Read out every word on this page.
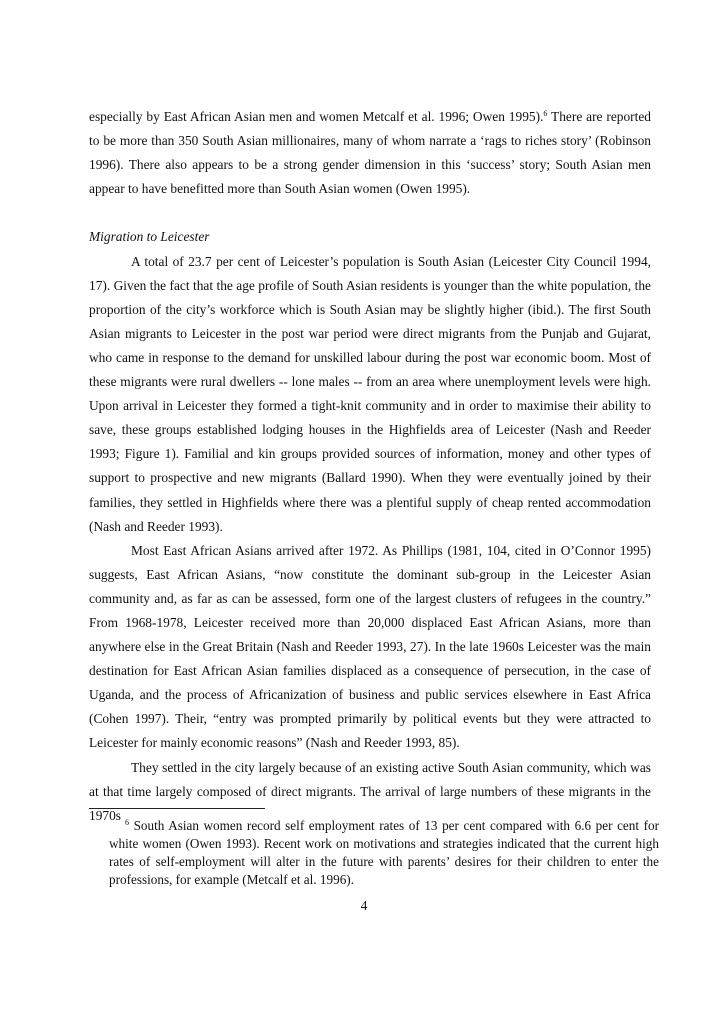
especially by East African Asian men and women Metcalf et al. 1996; Owen 1995).$^6$ There are reported to be more than 350 South Asian millionaires, many of whom narrate a ‘rags to riches story’ (Robinson 1996). There also appears to be a strong gender dimension in this ‘success’ story; South Asian men appear to have benefitted more than South Asian women (Owen 1995).

Migration to Leicester

A total of 23.7 per cent of Leicester’s population is South Asian (Leicester City Council 1994, 17). Given the fact that the age profile of South Asian residents is younger than the white population, the proportion of the city’s workforce which is South Asian may be slightly higher (ibid.). The first South Asian migrants to Leicester in the post war period were direct migrants from the Punjab and Gujarat, who came in response to the demand for unskilled labour during the post war economic boom. Most of these migrants were rural dwellers -- lone males -- from an area where unemployment levels were high. Upon arrival in Leicester they formed a tight-knit community and in order to maximise their ability to save, these groups established lodging houses in the Highfields area of Leicester (Nash and Reeder 1993; Figure 1). Familial and kin groups provided sources of information, money and other types of support to prospective and new migrants (Ballard 1990). When they were eventually joined by their families, they settled in Highfields where there was a plentiful supply of cheap rented accommodation (Nash and Reeder 1993).

Most East African Asians arrived after 1972. As Phillips (1981, 104, cited in O’Connor 1995) suggests, East African Asians, “now constitute the dominant sub-group in the Leicester Asian community and, as far as can be assessed, form one of the largest clusters of refugees in the country.” From 1968-1978, Leicester received more than 20,000 displaced East African Asians, more than anywhere else in the Great Britain (Nash and Reeder 1993, 27). In the late 1960s Leicester was the main destination for East African Asian families displaced as a consequence of persecution, in the case of Uganda, and the process of Africanization of business and public services elsewhere in East Africa (Cohen 1997). Their, “entry was prompted primarily by political events but they were attracted to Leicester for mainly economic reasons” (Nash and Reeder 1993, 85).

They settled in the city largely because of an existing active South Asian community, which was at that time largely composed of direct migrants. The arrival of large numbers of these migrants in the 1970s $^6$ South Asian women record self employment rates of 13 per cent compared with 6.6 per cent for white women (Owen 1993). Recent work on motivations and strategies indicated that the current high rates of self-employment will alter in the future with parents’ desires for their children to enter the professions, for example (Metcalf et al. 1996).

4
